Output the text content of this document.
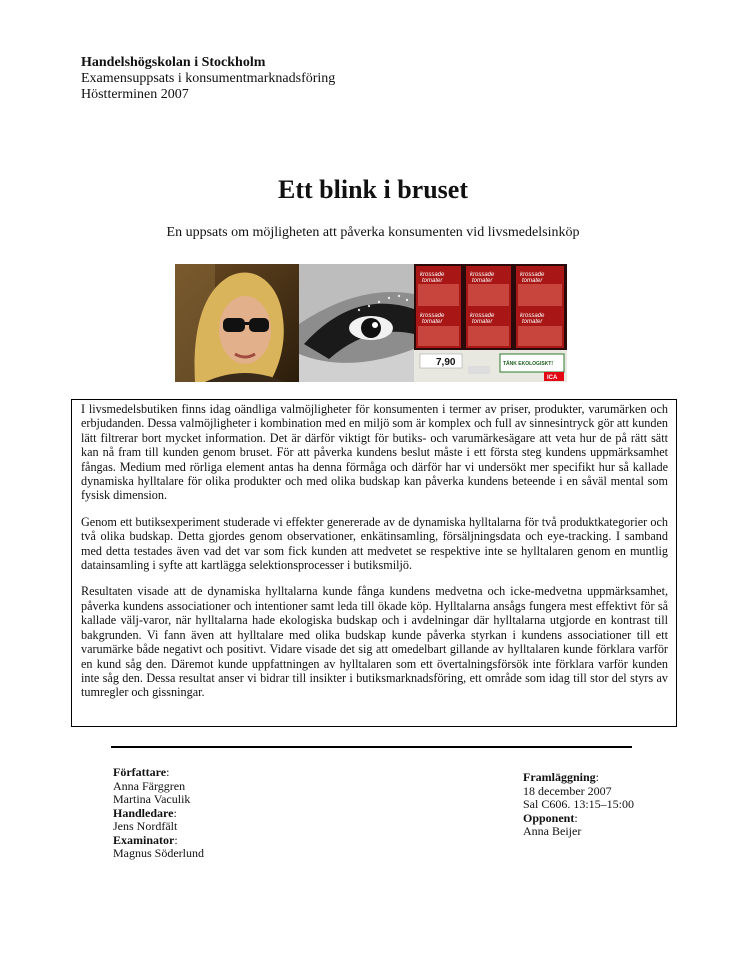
Handelshögskolan i Stockholm
Examensuppsats i konsumentmarknadsföring
Höstterminen 2007
Ett blink i bruset
En uppsats om möjligheten att påverka konsumenten vid livsmedelsinköp
krossade
tomater
krossade
tomater
krossade
tomater
krossade
tomater
krossade
tomater
krossade
tomater
7,90	TÄNK EKOLOGISKT!
ICA

I livsmedelsbutiken finns idag oändliga valmöjligheter för konsumenten i termer av priser, produkter, varumärken och erbjudanden. Dessa valmöjligheter i kombination med en miljö som är komplex och full av sinnesintryck gör att kunden lätt filtrerar bort mycket information. Det är därför viktigt för butiks- och varumärkesägare att veta hur de på rätt sätt kan nå fram till kunden genom bruset. För att påverka kundens beslut måste i ett första steg kundens uppmärksamhet fångas. Medium med rörliga element antas ha denna förmåga och därför har vi undersökt mer specifikt hur så kallade dynamiska hylltalare för olika produkter och med olika budskap kan påverka kundens beteende i en såväl mental som fysisk dimension.

Genom ett butiksexperiment studerade vi effekter genererade av de dynamiska hylltalarna för två produktkategorier och två olika budskap. Detta gjordes genom observationer, enkätinsamling, försäljningsdata och eye-tracking. I samband med detta testades även vad det var som fick kunden att medvetet se respektive inte se hylltalaren genom en muntlig datainsamling i syfte att kartlägga selektionsprocesser i butiksmiljö.

Resultaten visade att de dynamiska hylltalarna kunde fånga kundens medvetna och icke-medvetna uppmärksamhet, påverka kundens associationer och intentioner samt leda till ökade köp. Hylltalarna ansågs fungera mest effektivt för så kallade välj-varor, när hylltalarna hade ekologiska budskap och i avdelningar där hylltalarna utgjorde en kontrast till bakgrunden. Vi fann även att hylltalare med olika budskap kunde påverka styrkan i kundens associationer till ett varumärke både negativt och positivt. Vidare visade det sig att omedelbart gillande av hylltalaren kunde förklara varför en kund såg den. Däremot kunde uppfattningen av hylltalaren som ett övertalningsförsök inte förklara varför kunden inte såg den. Dessa resultat anser vi bidrar till insikter i butiksmarknadsföring, ett område som idag till stor del styrs av tumregler och gissningar.

Författare:
Anna Färggren
Martina Vaculik
Handledare:
Jens Nordfält
Examinator:
Magnus Söderlund
Framläggning:
18 december 2007
Sal C606. 13:15–15:00
Opponent:
Anna Beijer
